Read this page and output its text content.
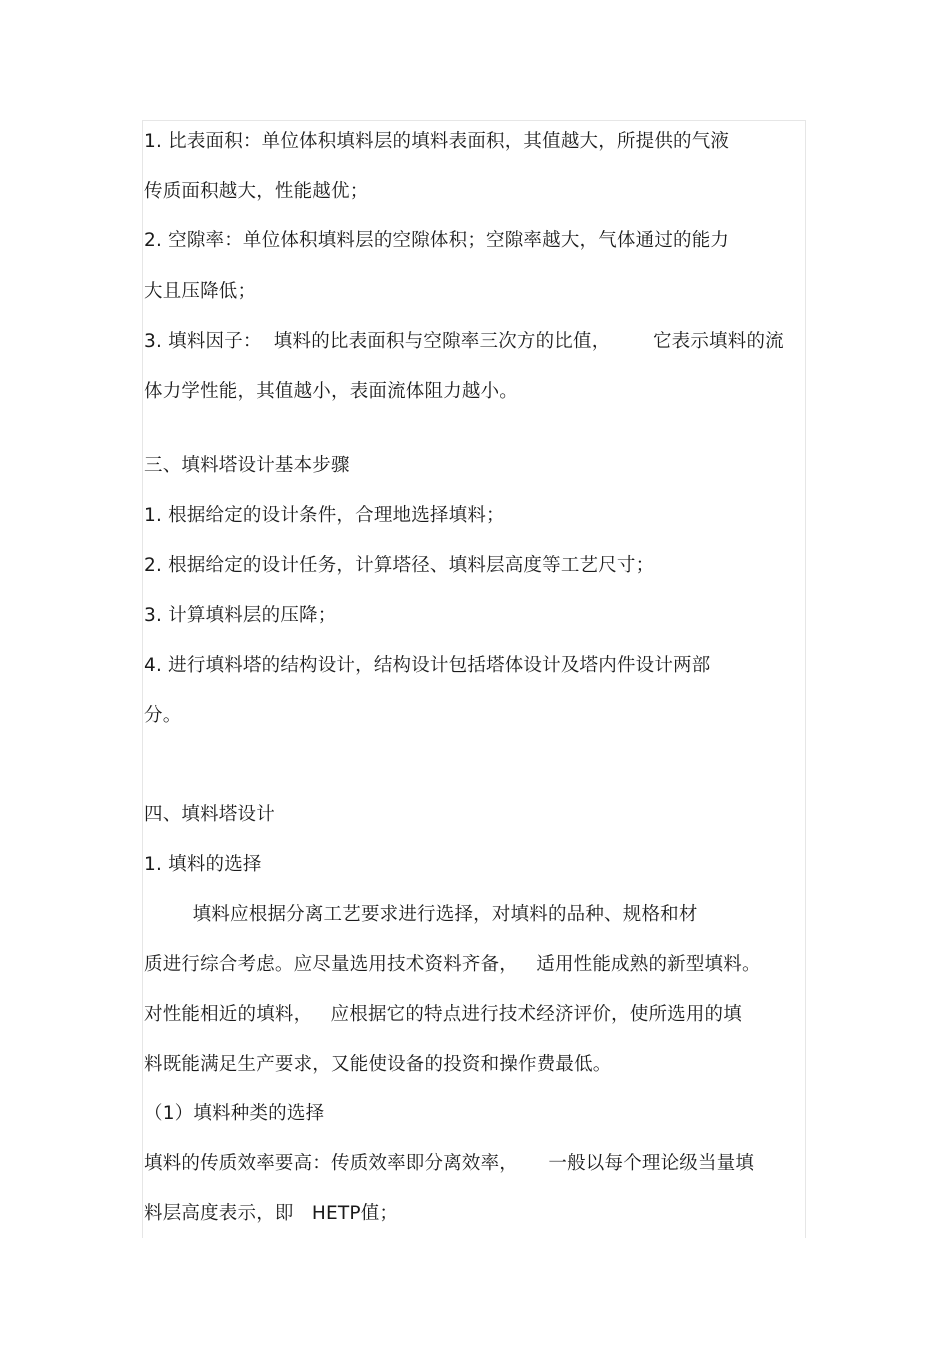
1. 比表面积：单位体积填料层的填料表面积，其值越大，所提供的气液
传质面积越大，性能越优；
2. 空隙率：单位体积填料层的空隙体积；空隙率越大，气体通过的能力
大且压降低；
3. 填料因子：  填料的比表面积与空隙率三次方的比值，       它表示填料的流
体力学性能，其值越小，表面流体阻力越小。
三、填料塔设计基本步骤
1. 根据给定的设计条件，合理地选择填料；
2. 根据给定的设计任务，计算塔径、填料层高度等工艺尺寸；
3. 计算填料层的压降；
4. 进行填料塔的结构设计，结构设计包括塔体设计及塔内件设计两部
分。
四、填料塔设计
1. 填料的选择
填料应根据分离工艺要求进行选择，对填料的品种、规格和材
质进行综合考虑。应尽量选用技术资料齐备，   适用性能成熟的新型填料。
对性能相近的填料，   应根据它的特点进行技术经济评价，使所选用的填
料既能满足生产要求，又能使设备的投资和操作费最低。
（1）填料种类的选择
填料的传质效率要高：传质效率即分离效率，     一般以每个理论级当量填
料层高度表示，即   HETP值；
